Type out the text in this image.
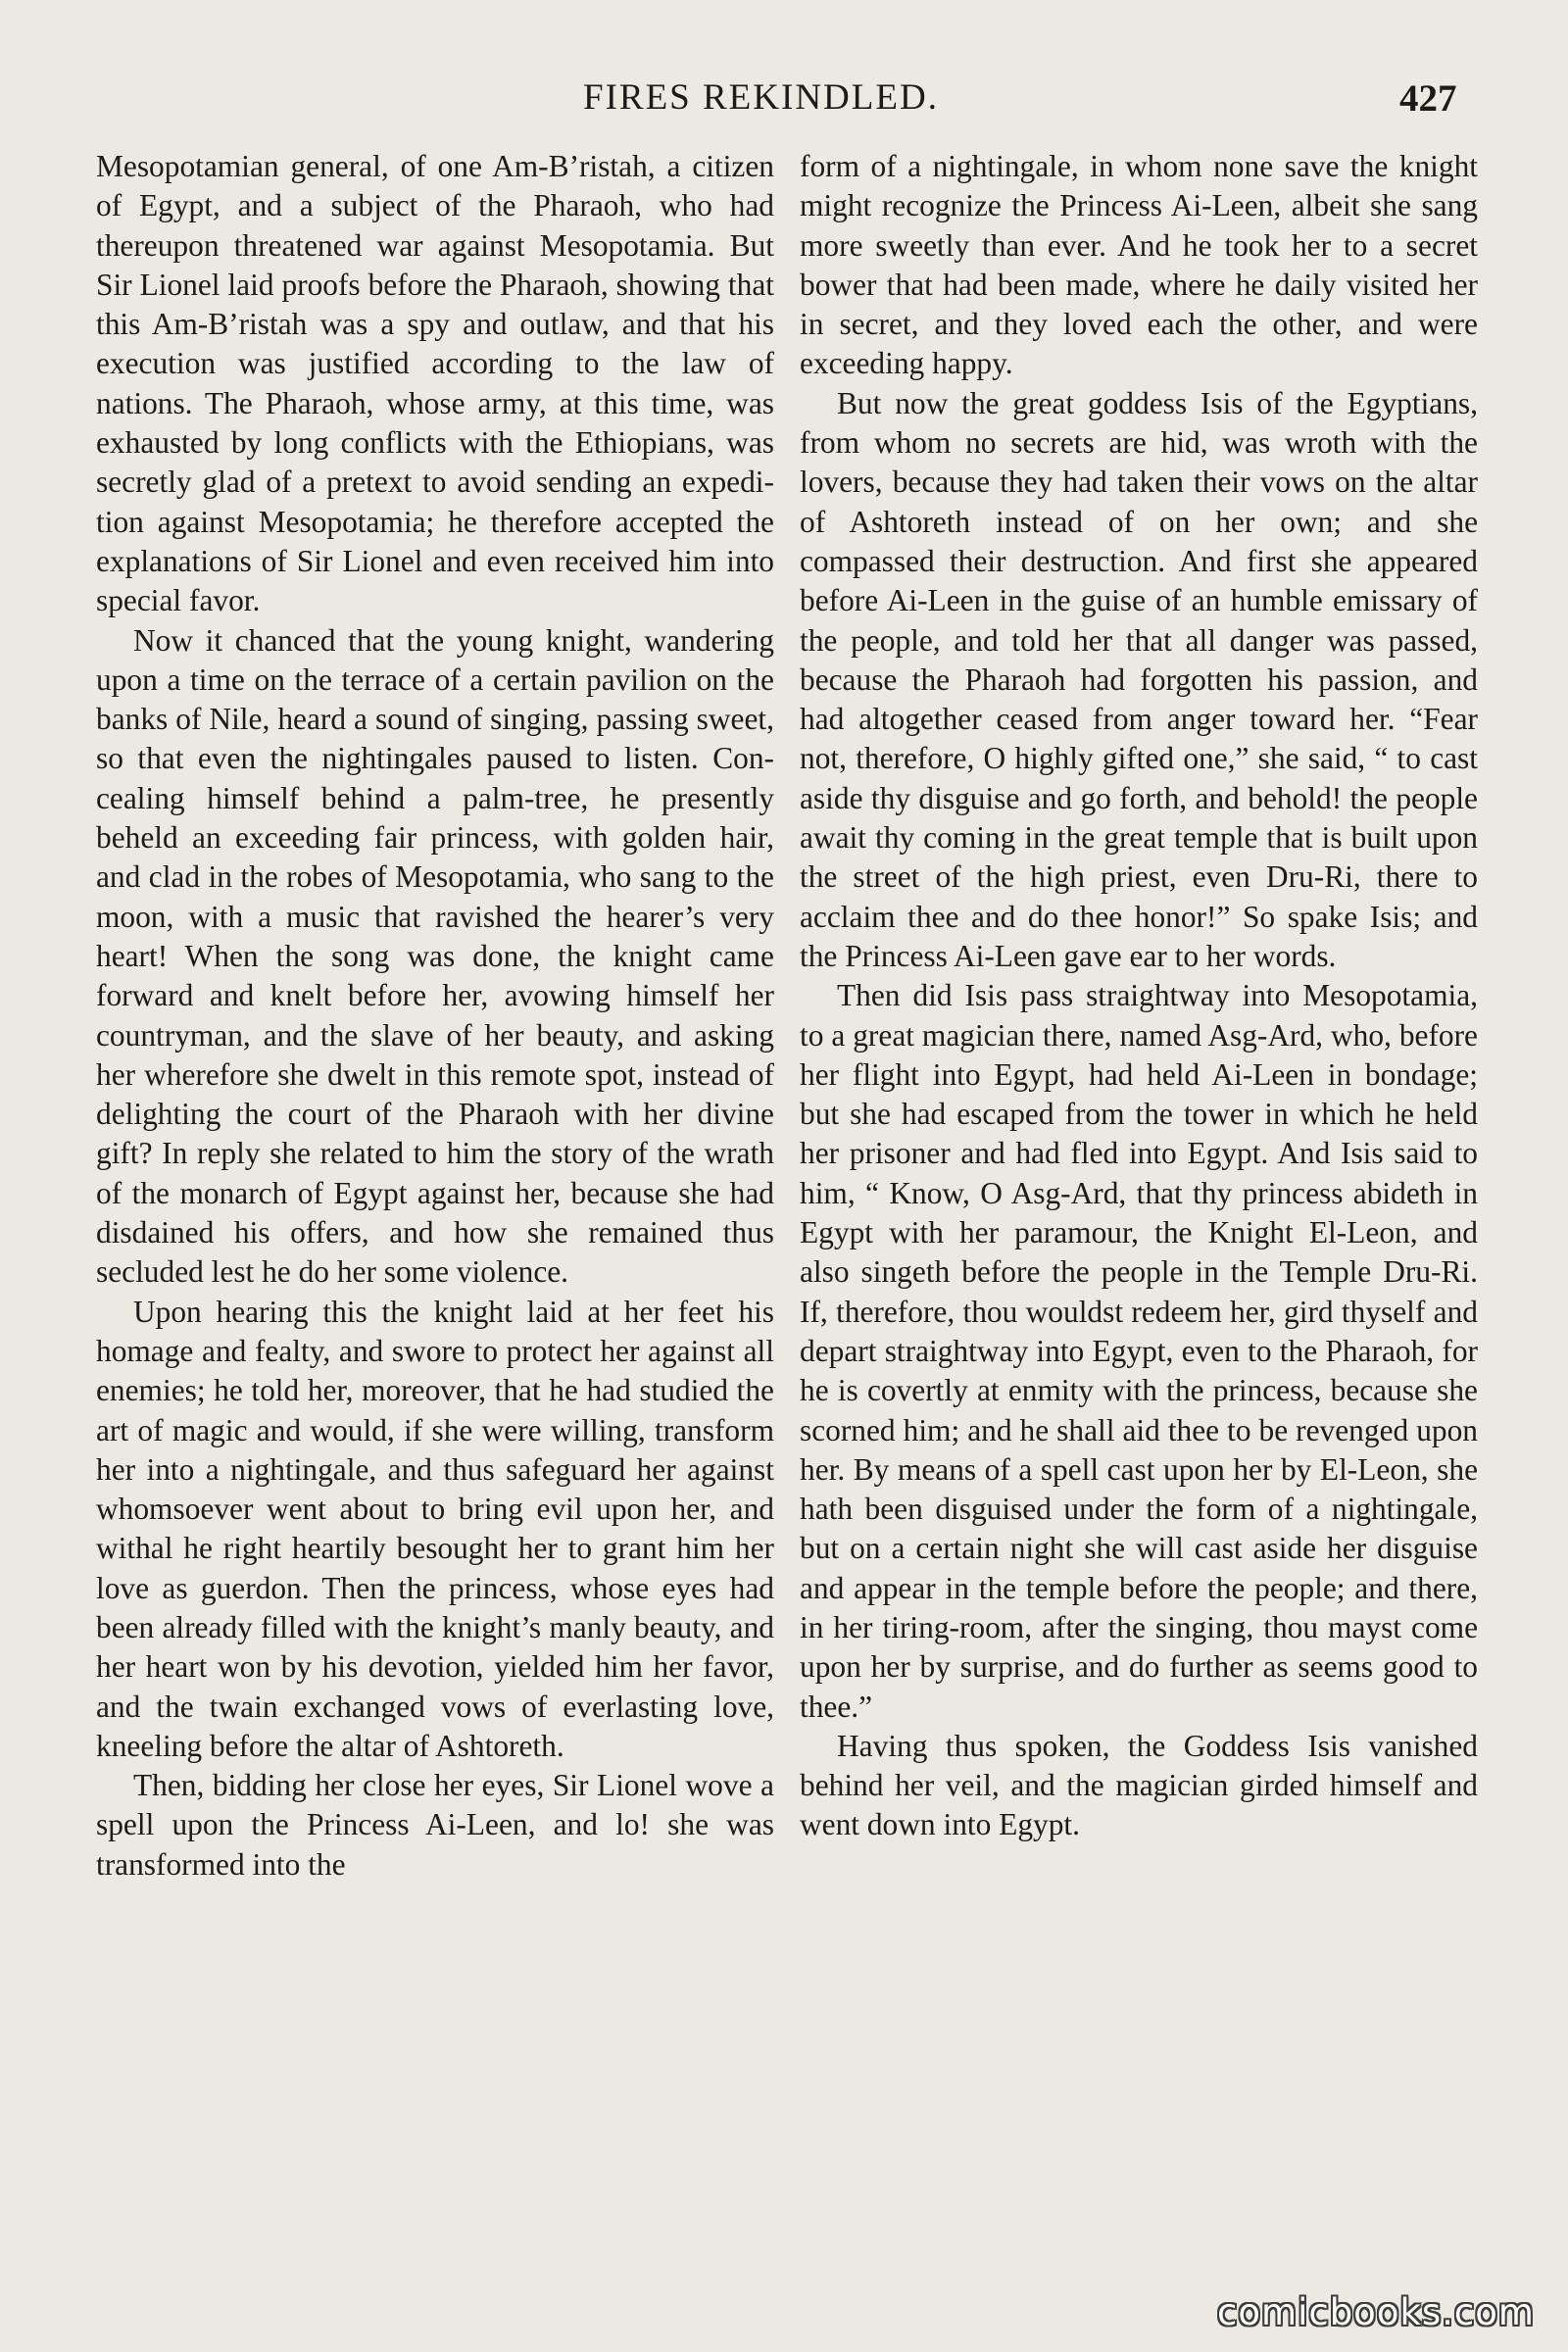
FIRES REKINDLED.	427

Mesopotamian general, of one Am-B’ristah, a citizen of Egypt, and a subject of the Pharaoh, who had thereupon threatened war against Mesopotamia. But Sir Lionel laid proofs before the Pharaoh, showing that this Am-B’ristah was a spy and outlaw, and that his execution was justified according to the law of nations. The Pharaoh, whose army, at this time, was exhausted by long conflicts with the Ethiopians, was secretly glad of a pretext to avoid sending an expedition against Mesopotamia; he therefore accepted the explanations of Sir Lionel and even received him into special favor.

Now it chanced that the young knight, wandering upon a time on the terrace of a certain pavilion on the banks of Nile, heard a sound of singing, passing sweet, so that even the nightingales paused to listen. Concealing himself behind a palm-tree, he presently beheld an exceeding fair princess, with golden hair, and clad in the robes of Mesopotamia, who sang to the moon, with a music that ravished the hearer’s very heart! When the song was done, the knight came forward and knelt before her, avowing himself her countryman, and the slave of her beauty, and asking her wherefore she dwelt in this remote spot, instead of delighting the court of the Pharaoh with her divine gift? In reply she related to him the story of the wrath of the monarch of Egypt against her, because she had disdained his offers, and how she remained thus secluded lest he do her some violence.

Upon hearing this the knight laid at her feet his homage and fealty, and swore to protect her against all enemies; he told her, moreover, that he had studied the art of magic and would, if she were willing, transform her into a nightingale, and thus safeguard her against whomsoever went about to bring evil upon her, and withal he right heartily besought her to grant him her love as guerdon. Then the princess, whose eyes had been already filled with the knight’s manly beauty, and her heart won by his devotion, yielded him her favor, and the twain exchanged vows of everlasting love, kneeling before the altar of Ashtoreth.

Then, bidding her close her eyes, Sir Lionel wove a spell upon the Princess Ai-Leen, and lo! she was transformed into the

form of a nightingale, in whom none save the knight might recognize the Princess Ai-Leen, albeit she sang more sweetly than ever. And he took her to a secret bower that had been made, where he daily visited her in secret, and they loved each the other, and were exceeding happy.

But now the great goddess Isis of the Egyptians, from whom no secrets are hid, was wroth with the lovers, because they had taken their vows on the altar of Ashtoreth instead of on her own; and she compassed their destruction. And first she appeared before Ai-Leen in the guise of an humble emissary of the people, and told her that all danger was passed, because the Pharaoh had forgotten his passion, and had altogether ceased from anger toward her. “Fear not, therefore, O highly gifted one,” she said, “ to cast aside thy disguise and go forth, and behold! the people await thy coming in the great temple that is built upon the street of the high priest, even Dru-Ri, there to acclaim thee and do thee honor!” So spake Isis; and the Princess Ai-Leen gave ear to her words.

Then did Isis pass straightway into Mesopotamia, to a great magician there, named Asg-Ard, who, before her flight into Egypt, had held Ai-Leen in bondage; but she had escaped from the tower in which he held her prisoner and had fled into Egypt. And Isis said to him, “ Know, O Asg-Ard, that thy princess abideth in Egypt with her paramour, the Knight El-Leon, and also singeth before the people in the Temple Dru-Ri. If, therefore, thou wouldst redeem her, gird thyself and depart straightway into Egypt, even to the Pharaoh, for he is covertly at enmity with the princess, because she scorned him; and he shall aid thee to be revenged upon her. By means of a spell cast upon her by El-Leon, she hath been disguised under the form of a nightingale, but on a certain night she will cast aside her disguise and appear in the temple before the people; and there, in her tiring-room, after the singing, thou mayst come upon her by surprise, and do further as seems good to thee.”

Having thus spoken, the Goddess Isis vanished behind her veil, and the magician girded himself and went down into Egypt.

comicbooks.com
